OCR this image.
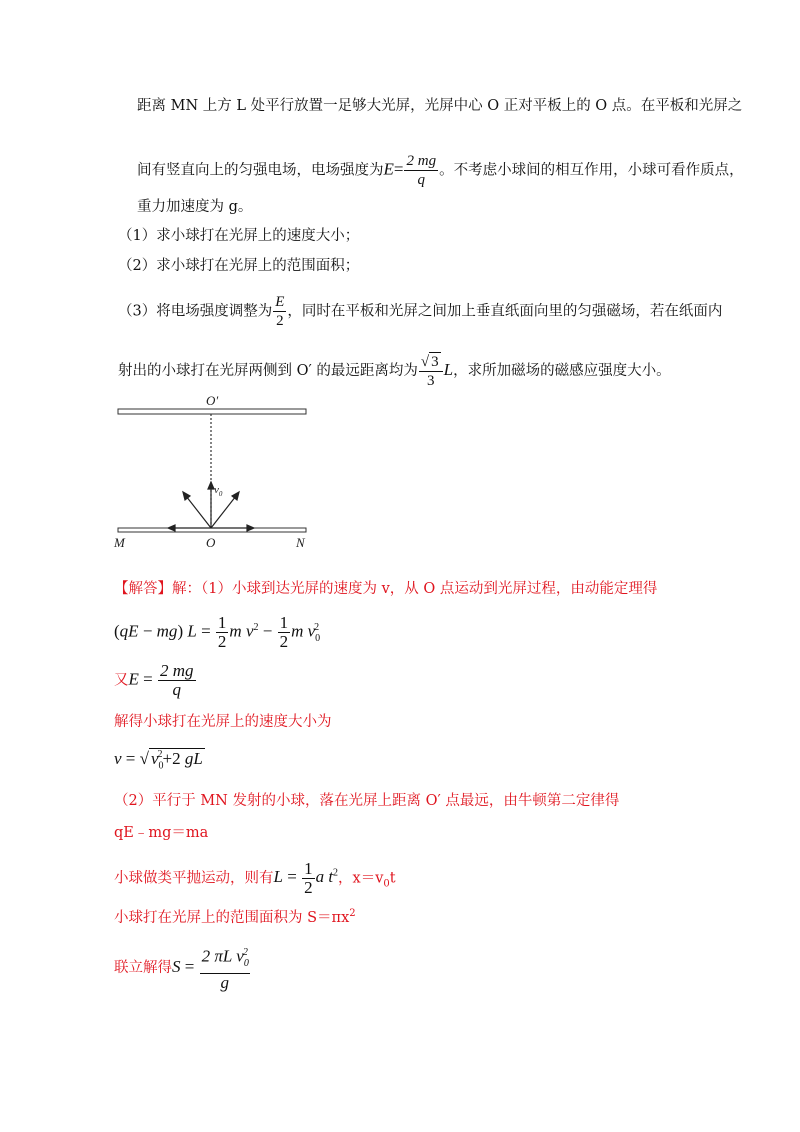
距离 MN 上方 L 处平行放置一足够大光屏，光屏中心 O 正对平板上的 O 点。在平板和光屏之
间有竖直向上的匀强电场，电场强度为$E= \frac{2 mg}{q}$ 。不考虑小球间的相互作用，小球可看作质点，
重力加速度为 g。
（1）求小球打在光屏上的速度大小；
（2）求小球打在光屏上的范围面积；
（3）将电场强度调整为 $\frac{E}{2}$ ，同时在平板和光屏之间加上垂直纸面向里的匀强磁场，若在纸面内
射出的小球打在光屏两侧到 O′ 的最远距离均为 $\frac{√ 3}{3}$ L，求所加磁场的磁感应强度大小。
O′
$v_0$
M	O	N
【解答】解：（1）小球到达光屏的速度为 v，从 O 点运动到光屏过程，由动能定理得
(qE − mg) $L = \frac{1}{2}$ m $v^2 - \frac{1}{2}$ m $v_0^2$
又$E = \frac{2 mg}{q}$
解得小球打在光屏上的速度大小为
v = √ $v_0^2+2$ gL
（2）平行于 MN 发射的小球，落在光屏上距离 O′ 点最远，由牛顿第二定律得
qE﹣mg＝ma
小球做类平抛运动，则有$L = \frac{1}{2}$ a $t^2$，$x=v_0t$
小球打在光屏上的范围面积为 $S=\pi x^2$
联立解得$S = \frac{2 \pi L v_0^2}{g}$
